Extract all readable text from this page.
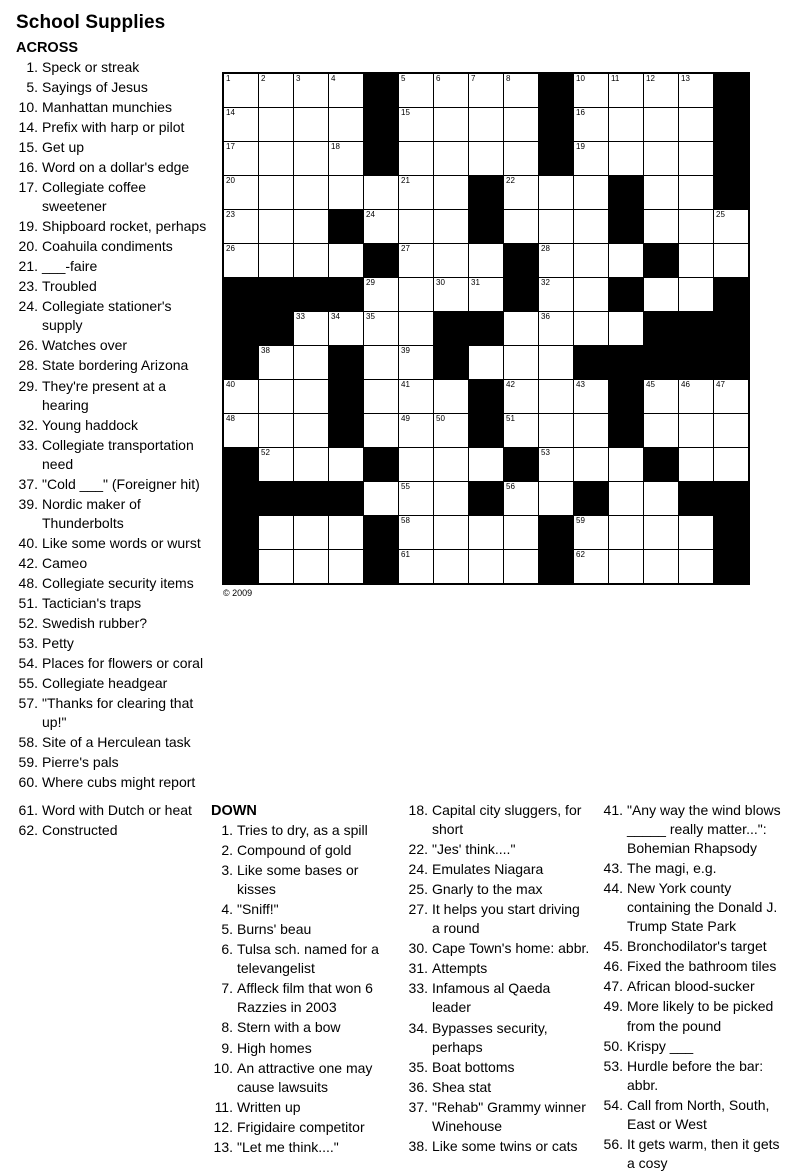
School Supplies
ACROSS
1. Speck or streak
5. Sayings of Jesus
10. Manhattan munchies
14. Prefix with harp or pilot
15. Get up
16. Word on a dollar's edge
17. Collegiate coffee sweetener
19. Shipboard rocket, perhaps
20. Coahuila condiments
21. ___-faire
23. Troubled
24. Collegiate stationer's supply
26. Watches over
28. State bordering Arizona
29. They're present at a hearing
32. Young haddock
33. Collegiate transportation need
37. "Cold ___" (Foreigner hit)
39. Nordic maker of Thunderbolts
40. Like some words or wurst
42. Cameo
48. Collegiate security items
51. Tactician's traps
52. Swedish rubber?
53. Petty
54. Places for flowers or coral
55. Collegiate headgear
57. "Thanks for clearing that up!"
58. Site of a Herculean task
59. Pierre's pals
60. Where cubs might report
1	2	3	4		5	6	7	8		10	11	12	13	

14					15					16				

17			18							19				

20					21			22						

23				24										25

26					27				28					

				29		30	31		32					

		33	34	35					36					

	38				39									

40					41			42		43		45	46	47

48					49	50		51						

	52								53					

					55			56						

					58					59				

					61					62				

© 2009
61. Word with Dutch or heat
62. Constructed
DOWN
1. Tries to dry, as a spill
2. Compound of gold
3. Like some bases or kisses
4. "Sniff!"
5. Burns' beau
6. Tulsa sch. named for a televangelist
7. Affleck film that won 6 Razzies in 2003
8. Stern with a bow
9. High homes
10. An attractive one may cause lawsuits
11. Written up
12. Frigidaire competitor
13. "Let me think...."
18. Capital city sluggers, for short
22. "Jes' think...."
24. Emulates Niagara
25. Gnarly to the max
27. It helps you start driving a round
30. Cape Town's home: abbr.
31. Attempts
33. Infamous al Qaeda leader
34. Bypasses security, perhaps
35. Boat bottoms
36. Shea stat
37. "Rehab" Grammy winner Winehouse
38. Like some twins or cats
41. "Any way the wind blows _____ really matter...": Bohemian Rhapsody
43. The magi, e.g.
44. New York county containing the Donald J. Trump State Park
45. Bronchodilator's target
46. Fixed the bathroom tiles
47. African blood-sucker
49. More likely to be picked from the pound
50. Krispy ___
53. Hurdle before the bar: abbr.
54. Call from North, South, East or West
56. It gets warm, then it gets a cosy
